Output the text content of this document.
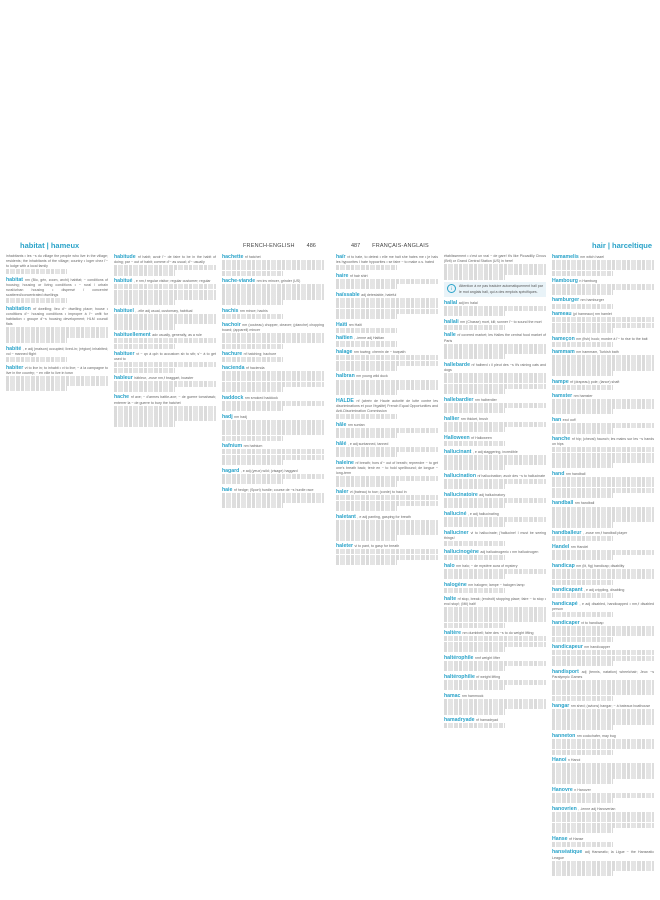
habitat | hameux	FRENCH-ENGLISH 486
inhabitants • les ~s du village the people who live in the village; residents; the inhabitants of the village; country • loger chez l'~ to lodge with a local family
habitat nm (Bio, gén, zoom, archi) habitat; ~ conditions of housing; housing or living conditions • ~ rural / urbain rural/urban housing • dispersé / concentré scattered/concentrated dwellings
habitation nf dwelling; lieu d'~ dwelling place; house • conditions d'~ housing conditions • impropre à l'~ unfit for habitation • groupe d'~s housing development; HLM council flats
habité , e adj (maison) occupied; lived-in; (région) inhabited; vol ~ manned flight
habiter vt to live in; to inhabit • vi to live; ~ à la campagne to live in the country; ~ en ville to live in town
habitude nf habit; avoir l'~ de faire to be in the habit of doing; par ~ out of habit; comme d'~ as usual; d'~ usually
habitué , e nm,f regular visitor; regular customer; regular
habituel , -elle adj usual, customary, habitual
habituellement adv usually, generally, as a rule
habituer vt ~ qn à qch to accustom sb to sth; s'~ à to get used to
hableur hâbleur, -euse nm,f braggart, boaster
hache nf axe; ~ d'armes battle-axe; ~ de guerre tomahawk; enterrer la ~ de guerre to bury the hatchet
hachette nf hatchet
hache-viande nm inv mincer, grinder (US)
hachis nm mince; hachis
hachoir nm (couteau) chopper, cleaver; (planche) chopping board; (appareil) mincer
hachure nf hatching; hachure
hacienda nf hacienda
haddock nm smoked haddock
hadj nm hadj
hafnium nm hafnium
hagard , e adj (yeux) wild; (visage) haggard
haie nf hedge; (Sport) hurdle; course de ~s hurdle race
487 FRANÇAIS-ANGLAIS	hair | harceltique
haïr vt to hate, to detest • elle me hait she hates me • je hais les hypocrites I hate hypocrites • se faire ~ to make o.s. hated
haire nf hair shirt
haïssable adj detestable, hateful
Haïti nm Haiti
haïtien , -ienne adj Haitian
halage nm towing; chemin de ~ towpath
halbran nm young wild duck
HALDE nf (abrév de Haute autorité de lutte contre les discriminations et pour l'égalité) French Equal Opportunities and Anti-Discrimination Commission
hâle nm suntan
hâlé , e adj suntanned, tanned
haleine nf breath; hors d'~ out of breath; reprendre ~ to get one's breath back; tenir en ~ to hold spellbound; de longue ~ long-term
haler vt (bateau) to tow; (corde) to haul in
haletant , e adj panting, gasping for breath
haleter vi to pant, to gasp for breath
établissement • c'est un vrai ~ de gare! it's like Piccadilly Circus (Brit) or Grand Central Station (US) in here!
i	Attention à ne pas traduire automatiquement hall par le mot anglais hall, qui a des emplois spécifiques.
hallal adj inv halal
hallali nm (Chasse) mort, kill; sonner l'~ to sound the mort
halle nf covered market; les Halles the central food market of Paris
hallebarde nf halberd • il pleut des ~s it's raining cats and dogs
hallebardier nm halberdier
hallier nm thicket, brush
Halloween nf Halloween
hallucinant , e adj staggering, incredible
hallucination nf hallucination; avoir des ~s to hallucinate
hallucinatoire adj hallucinatory
halluciné , e adj hallucinating
halluciner vi to hallucinate; j'hallucine! I must be seeing things!
hallucinogène adj hallucinogenic • nm hallucinogen
halo nm halo; ~ de mystère aura of mystery
halogène nm halogen; lampe ~ halogen lamp
halte nf stop, break; (endroit) stopping place; faire ~ to stop • excl stop!; (Mil) halt!
haltère nm dumbbell; faire des ~s to do weight lifting
haltérophile nmf weight lifter
haltérophilie nf weight lifting
hamac nm hammock
hamadryade nf hamadryad
hamamelis nm witch hazel
Hambourg n Hamburg
hamburger nm hamburger
hameau (pl hameaux) nm hamlet
hameçon nm (fish) hook; mordre à l'~ to rise to the bait
hammam nm hammam, Turkish bath
hampe nf (drapeau) pole; (lance) shaft
hamster nm hamster
han excl oof!
hanche nf hip; (cheval) haunch; les mains sur les ~s hands on hips
hand nm handball
handball nm handball
handballeur , -euse nm,f handball player
Handel nm Handel
handicap nm (lit, fig) handicap; disability
handicapant , e adj crippling, disabling
handicapé , e adj disabled, handicapped • nm,f disabled person
handicaper vt to handicap
handicapeur nm handicapper
handisport adj (tennis, natation) wheelchair; Jeux ~s Paralympic Games
hangar nm shed; (avions) hangar; ~ à bateaux boathouse
hanneton nm cockchafer, may bug
Hanoi n Hanoi
Hanovre n Hanover
hanovrien , -ienne adj Hanoverian
Hanse nf Hanse
hanséatique adj Hanseatic; la Ligue ~ the Hanseatic League
